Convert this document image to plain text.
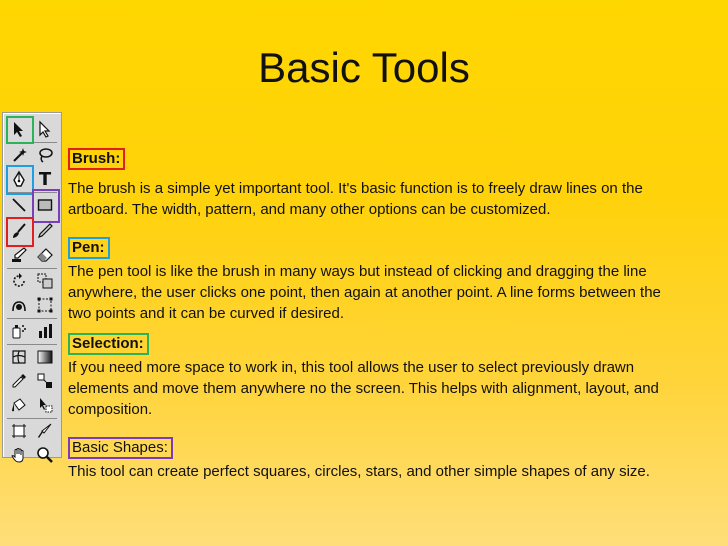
Basic Tools
T
Brush:
The brush is a simple yet important tool. It's basic function is to freely draw lines on the artboard. The width, pattern, and many other options can be customized.
Pen:
The pen tool is like the brush in many ways but instead of clicking and dragging the line anywhere, the user clicks one point, then again at another point. A line forms between the two points and it can be curved if desired.
Selection:
If you need more space to work in, this tool allows the user to select previously drawn elements and move them anywhere no the screen. This helps with alignment, layout, and composition.
Basic Shapes:
This tool can create perfect squares, circles, stars, and other simple shapes of any size.
